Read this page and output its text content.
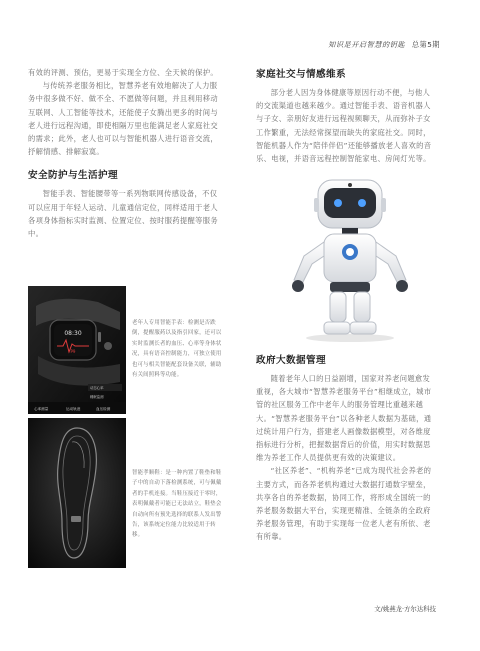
知识是开启智慧的钥匙 总第5期

有效的评测、预估，更易于实现全方位、全天候的保护。

与传统养老服务相比，智慧养老有效地解决了人力服务中很多做不好、做不全、不愿做等问题，并且利用移动互联网、人工智能等技术，还能使子女腾出更多的时间与老人进行远程沟通，即使相隔万里也能满足老人家庭社交的需求；此外，老人也可以与智能机器人进行语音交流，抒解情感、排解寂寞。

安全防护与生活护理

智能手表、智能腰带等一系列物联网传感设备，不仅可以应用于年轻人运动、儿童通信定位，同样适用于老人各项身体指标实时监测、位置定位、按时服药提醒等服务中。

08:30
P9
动态心率
睡眠监测
心率测量	运动轨迹	血压检测

老年人专用智能手表：检测是否跌倒，提醒服药以及指引回家，还可以实时监测长者的血压、心率等身体状况，具有语音控制能力，可独立使用也可与相关智能配套设备关联，辅助有关间照料等功能。

智能孝顺鞋：是一种内置了鞋垫和鞋子中的自动下落检测系统，可与佩戴者的手机连接。当鞋压接近于零时，表明佩戴者可能已无法站立，鞋垫会自动向所有预先选择的联系人发出警告，该系统定位能力比较适用于转移。

家庭社交与情感维系

部分老人因为身体健康等原因行动不便，与他人的交流渠道也越来越少。通过智能手表、语音机器人与子女、亲朋好友进行远程视频聊天，从而弥补子女工作繁重，无法经常探望而缺失的家庭社交。同时，智能机器人作为“陪伴伴侣”还能够播放老人喜欢的音乐、电视，并语音远程控制智能家电、房间灯光等。

政府大数据管理

随着老年人口的日益剧增，国家对养老问题愈发重视，各大城市“智慧养老服务平台”相继成立，城市管的社区服务工作中老年人的服务管理比重越来越大。“智慧养老服务平台”以各种老人数据为基础，通过统计用户行为，搭建老人画像数据模型，对各维度指标进行分析，把握数据背后的价值，用实时数据思维为养老工作人员提供更有效的决策建议。

“社区养老”、“机构养老”已成为现代社会养老的主要方式，而各养老机构通过大数据打通数字壁垒，共享各自的养老数据，协同工作，将形成全国统一的养老服务数据大平台，实现更精准、全链条的全政府养老服务管理，有助于实现每一位老人老有所依、老有所靠。

文/姚燕龙·方尔达科技
